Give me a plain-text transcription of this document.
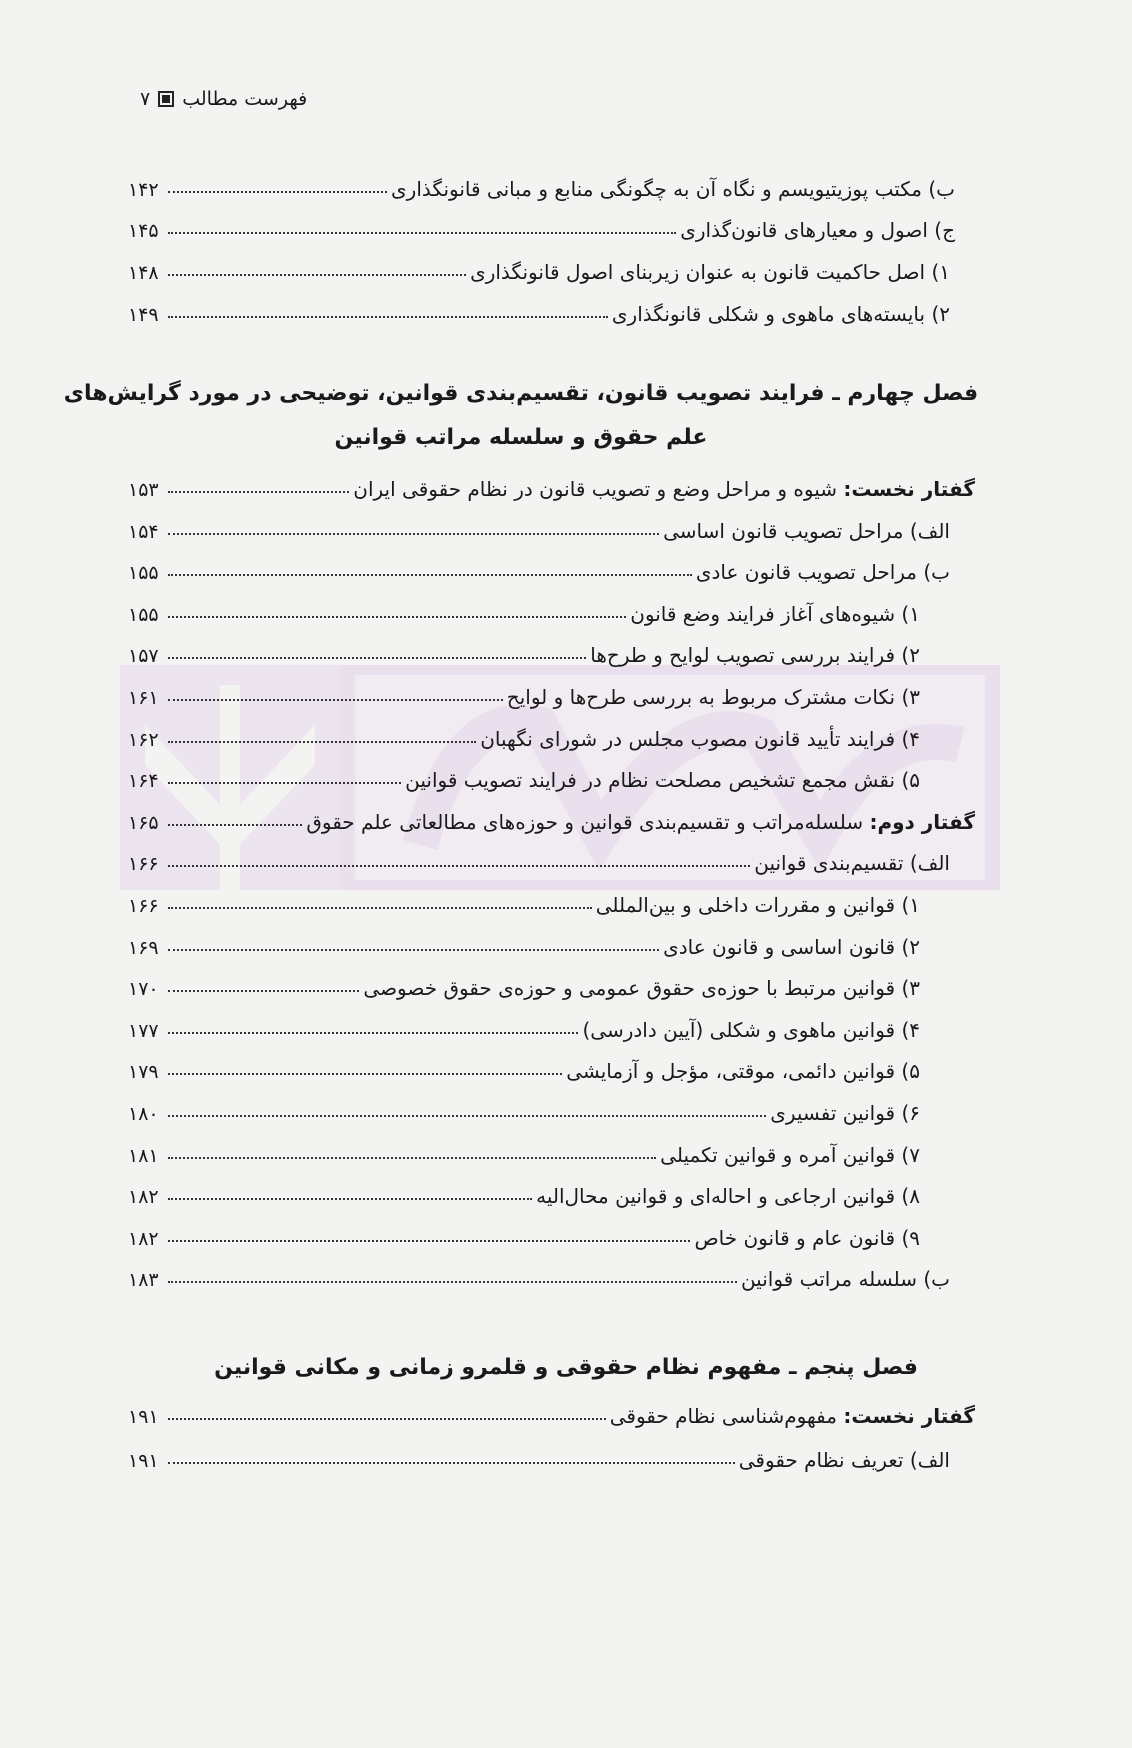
فهرست مطالب
۷
ب) مکتب پوزیتیویسم و نگاه آن به چگونگی منابع و مبانی قانونگذاری
۱۴۲
ج) اصول و معیارهای قانون‌گذاری
۱۴۵
۱) اصل حاکمیت قانون به عنوان زیربنای اصول قانونگذاری
۱۴۸
۲) بایسته‌های ماهوی و شکلی قانونگذاری
۱۴۹
فصل چهارم ـ فرایند تصویب قانون، تقسیم‌بندی قوانین، توضیحی در مورد گرایش‌های
علم حقوق و سلسله مراتب قوانین
فصل پنجم ـ مفهوم نظام حقوقی و قلمرو زمانی و مکانی قوانین
گفتار نخست: شیوه و مراحل وضع و تصویب قانون در نظام حقوقی ایران
۱۵۳
الف) مراحل تصویب قانون اساسی
۱۵۴
ب) مراحل تصویب قانون عادی
۱۵۵
۱) شیوه‌های آغاز فرایند وضع قانون
۱۵۵
۲) فرایند بررسی تصویب لوایح و طرح‌ها
۱۵۷
۳) نکات مشترک مربوط به بررسی طرح‌ها و لوایح
۱۶۱
۴) فرایند تأیید قانون مصوب مجلس در شورای نگهبان
۱۶۲
۵) نقش مجمع تشخیص مصلحت نظام در فرایند تصویب قوانین
۱۶۴
گفتار دوم: سلسله‌مراتب و تقسیم‌بندی قوانین و حوزه‌های مطالعاتی علم حقوق
۱۶۵
الف) تقسیم‌بندی قوانین
۱۶۶
۱) قوانین و مقررات داخلی و بین‌المللی
۱۶۶
۲) قانون اساسی و قانون عادی
۱۶۹
۳) قوانین مرتبط با حوزه‌ی حقوق عمومی و حوزه‌ی حقوق خصوصی
۱۷۰
۴) قوانین ماهوی و شکلی (آیین دادرسی)
۱۷۷
۵) قوانین دائمی، موقتی، مؤجل و آزمایشی
۱۷۹
۶) قوانین تفسیری
۱۸۰
۷) قوانین آمره و قوانین تکمیلی
۱۸۱
۸) قوانین ارجاعی و احاله‌ای و قوانین محال‌الیه
۱۸۲
۹) قانون عام و قانون خاص
۱۸۲
ب) سلسله مراتب قوانین
۱۸۳
گفتار نخست: مفهوم‌شناسی نظام حقوقی
۱۹۱
الف) تعریف نظام حقوقی
۱۹۱
